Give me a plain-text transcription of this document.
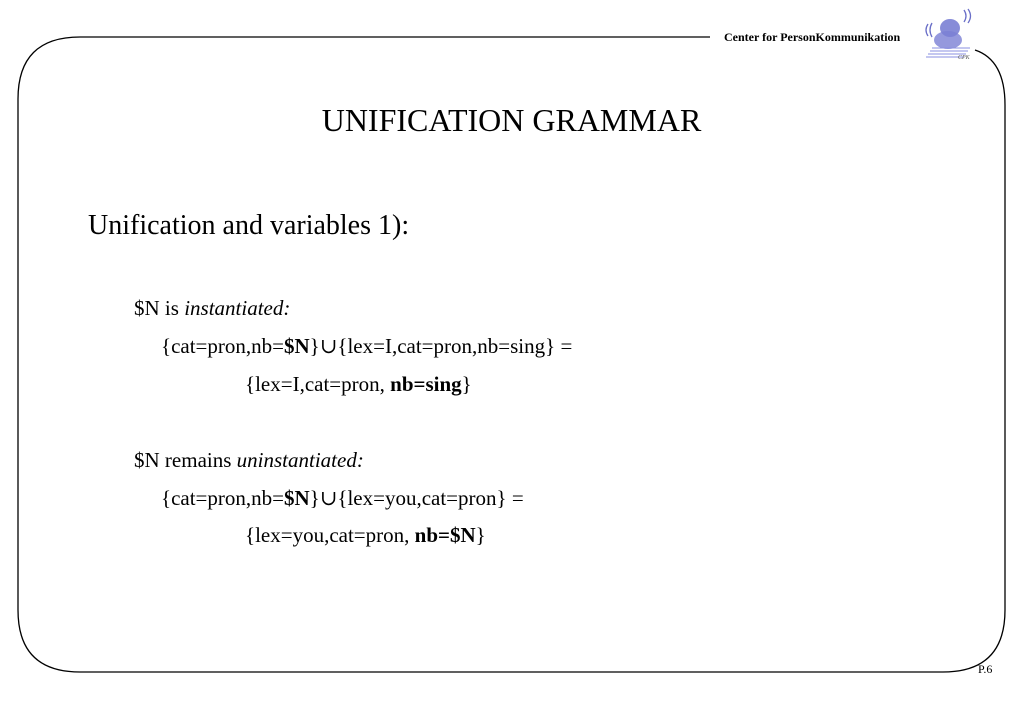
Center for PersonKommunikation
CPK
UNIFICATION GRAMMAR
Unification and variables 1):
$N is instantiated:
{cat=pron,nb=$N}∪{lex=I,cat=pron,nb=sing} =
{lex=I,cat=pron, nb=sing}
$N remains uninstantiated:
{cat=pron,nb=$N}∪{lex=you,cat=pron} =
{lex=you,cat=pron, nb=$N}
P.6
